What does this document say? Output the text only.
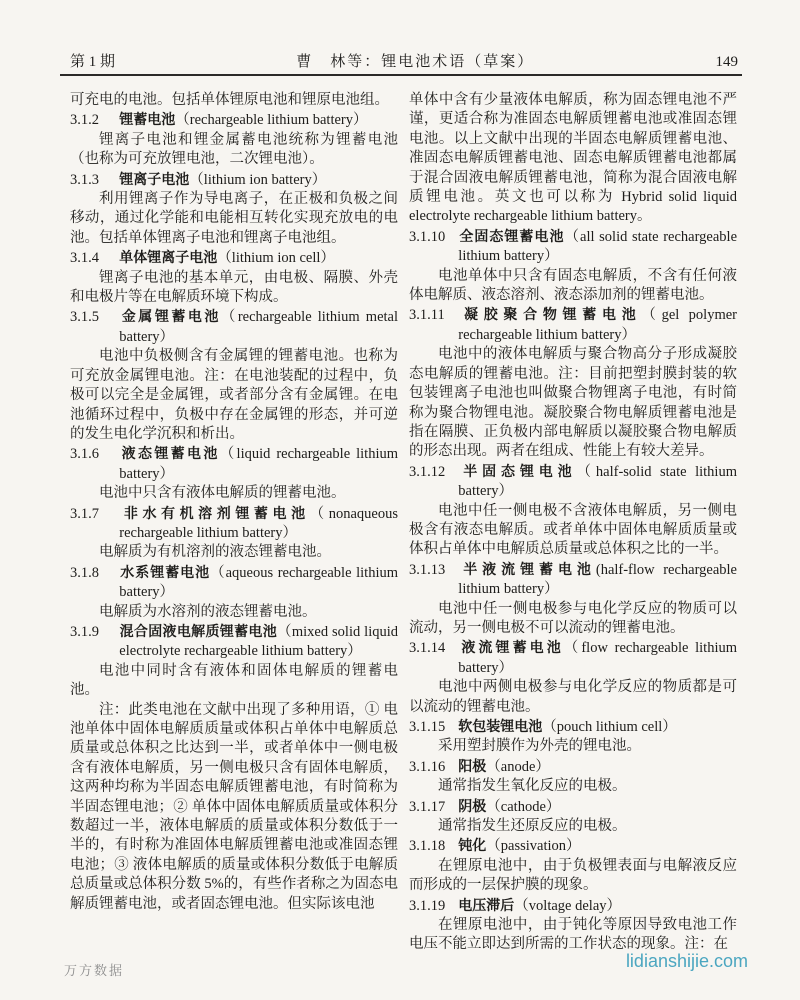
第 1 期	曹　林等：锂电池术语（草案）	149

可充电的电池。包括单体锂原电池和锂原电池组。

3.1.2 锂蓄电池（rechargeable lithium battery）

锂离子电池和锂金属蓄电池统称为锂蓄电池（也称为可充放锂电池，二次锂电池）。

3.1.3 锂离子电池（lithium ion battery）

利用锂离子作为导电离子，在正极和负极之间移动，通过化学能和电能相互转化实现充放电的电池。包括单体锂离子电池和锂离子电池组。

3.1.4 单体锂离子电池（lithium ion cell）

锂离子电池的基本单元，由电极、隔膜、外壳和电极片等在电解质环境下构成。

3.1.5 金属锂蓄电池（rechargeable lithium metal battery）

电池中负极侧含有金属锂的锂蓄电池。也称为可充放金属锂电池。注：在电池装配的过程中，负极可以完全是金属锂，或者部分含有金属锂。在电池循环过程中，负极中存在金属锂的形态，并可逆的发生电化学沉积和析出。

3.1.6 液态锂蓄电池（liquid rechargeable lithium battery）

电池中只含有液体电解质的锂蓄电池。

3.1.7 非水有机溶剂锂蓄电池（nonaqueous rechargeable lithium battery）

电解质为有机溶剂的液态锂蓄电池。

3.1.8 水系锂蓄电池（aqueous rechargeable lithium battery）

电解质为水溶剂的液态锂蓄电池。

3.1.9 混合固液电解质锂蓄电池（mixed solid liquid electrolyte rechargeable lithium battery）

电池中同时含有液体和固体电解质的锂蓄电池。

注：此类电池在文献中出现了多种用语，① 电池单体中固体电解质质量或体积占单体中电解质总质量或总体积之比达到一半，或者单体中一侧电极含有液体电解质，另一侧电极只含有固体电解质，这两种均称为半固态电解质锂蓄电池，有时简称为半固态锂电池；② 单体中固体电解质质量或体积分数超过一半，液体电解质的质量或体积分数低于一半的，有时称为准固体电解质锂蓄电池或准固态锂电池；③ 液体电解质的质量或体积分数低于电解质总质量或总体积分数 5%的，有些作者称之为固态电解质锂蓄电池，或者固态锂电池。但实际该电池

单体中含有少量液体电解质，称为固态锂电池不严谨，更适合称为准固态电解质锂蓄电池或准固态锂电池。以上文献中出现的半固态电解质锂蓄电池、准固态电解质锂蓄电池、固态电解质锂蓄电池都属于混合固液电解质锂蓄电池，简称为混合固液电解质锂电池。英文也可以称为 Hybrid solid liquid electrolyte rechargeable lithium battery。

3.1.10 全固态锂蓄电池（all solid state rechargeable lithium battery）

电池单体中只含有固态电解质，不含有任何液体电解质、液态溶剂、液态添加剂的锂蓄电池。

3.1.11 凝胶聚合物锂蓄电池（gel polymer rechargeable lithium battery）

电池中的液体电解质与聚合物高分子形成凝胶态电解质的锂蓄电池。注：目前把塑封膜封装的软包装锂离子电池也叫做聚合物锂离子电池，有时简称为聚合物锂电池。凝胶聚合物电解质锂蓄电池是指在隔膜、正负极内部电解质以凝胶聚合物电解质的形态出现。两者在组成、性能上有较大差异。

3.1.12 半固态锂电池（half-solid state lithium battery）

电池中任一侧电极不含液体电解质，另一侧电极含有液态电解质。或者单体中固体电解质质量或体积占单体中电解质总质量或总体积之比的一半。

3.1.13 半液流锂蓄电池(half-flow rechargeable lithium battery）

电池中任一侧电极参与电化学反应的物质可以流动，另一侧电极不可以流动的锂蓄电池。

3.1.14 液流锂蓄电池（flow rechargeable lithium battery）

电池中两侧电极参与电化学反应的物质都是可以流动的锂蓄电池。

3.1.15 软包装锂电池（pouch lithium cell）

采用塑封膜作为外壳的锂电池。

3.1.16 阳极（anode）

通常指发生氧化反应的电极。

3.1.17 阴极（cathode）

通常指发生还原反应的电极。

3.1.18 钝化（passivation）

在锂原电池中，由于负极锂表面与电解液反应而形成的一层保护膜的现象。

3.1.19 电压滞后（voltage delay）

在锂原电池中，由于钝化等原因导致电池工作电压不能立即达到所需的工作状态的现象。注：在

万方数据	lidianshijie.com
